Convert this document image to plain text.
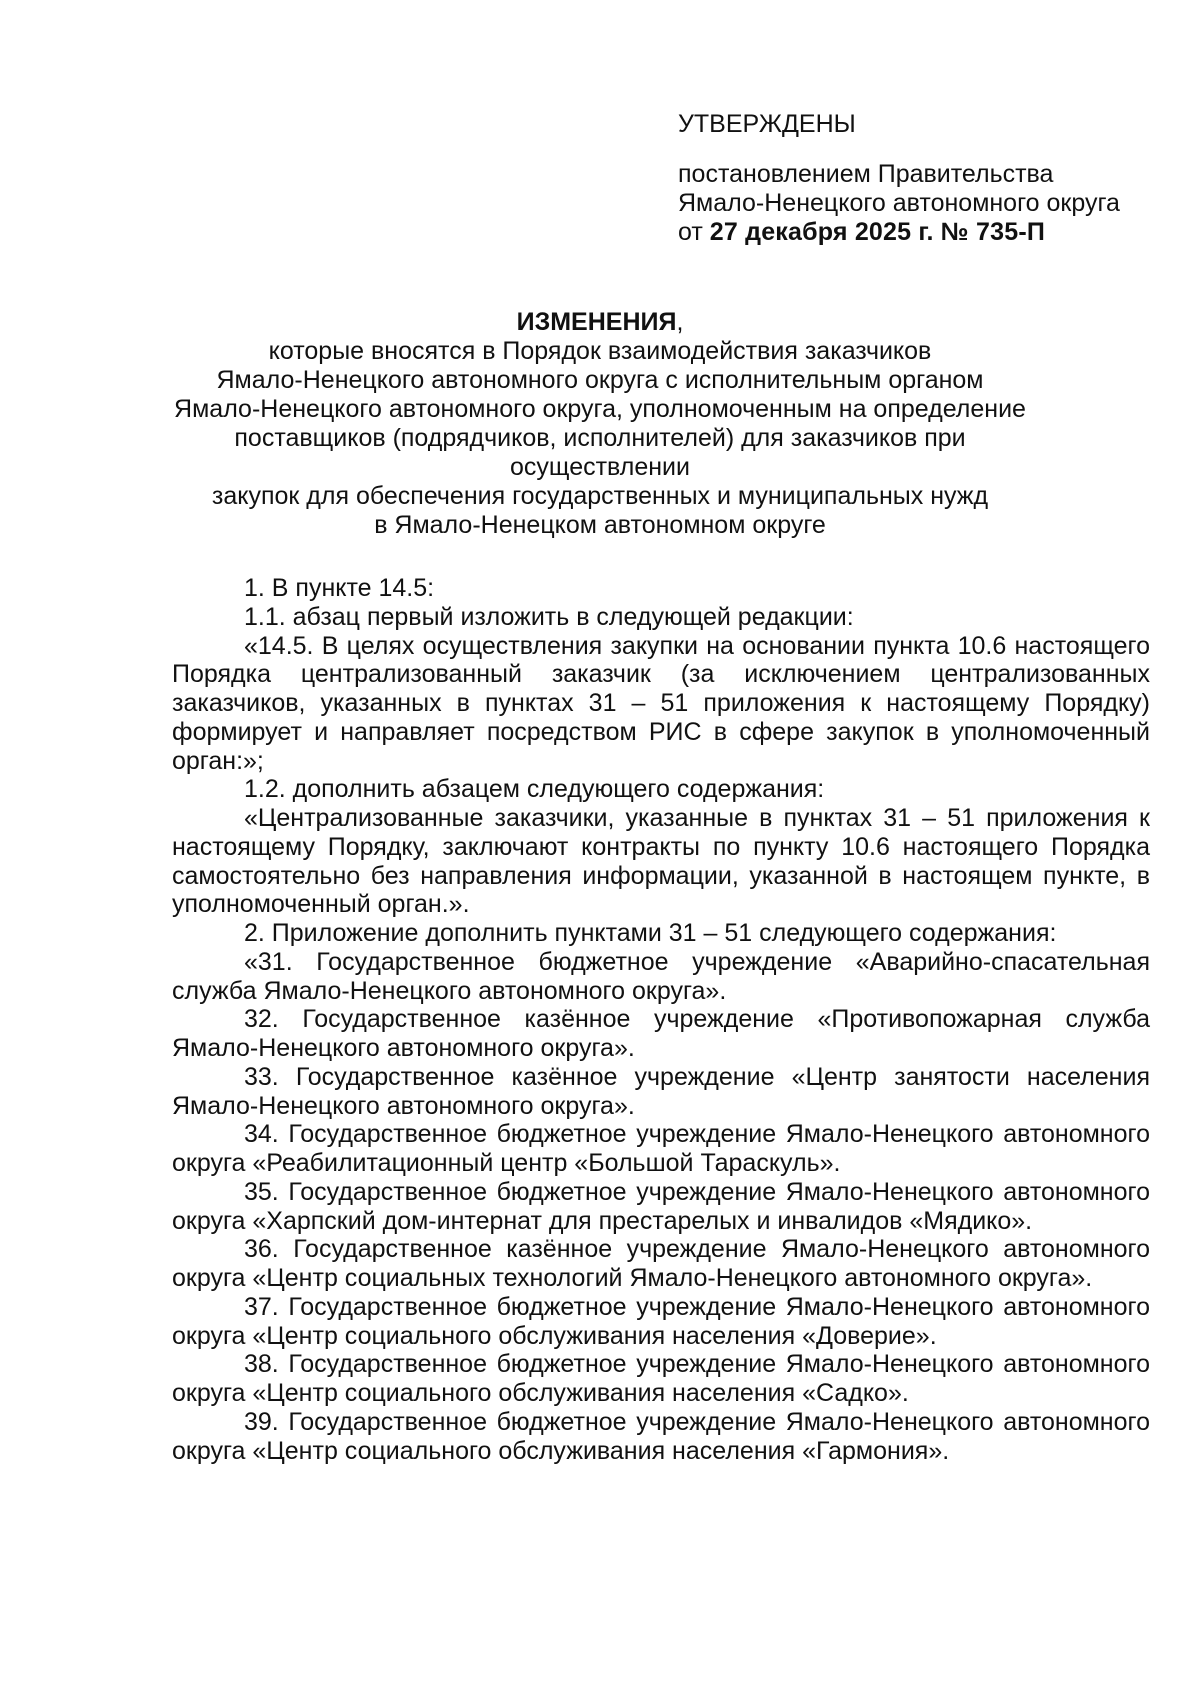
УТВЕРЖДЕНЫ
постановлением Правительства
Ямало-Ненецкого автономного округа
от 27 декабря 2025 г. № 735-П
ИЗМЕНЕНИЯ,
которые вносятся в Порядок взаимодействия заказчиков
Ямало-Ненецкого автономного округа с исполнительным органом
Ямало-Ненецкого автономного округа, уполномоченным на определение
поставщиков (подрядчиков, исполнителей) для заказчиков при осуществлении
закупок для обеспечения государственных и муниципальных нужд
в Ямало-Ненецком автономном округе

1. В пункте 14.5:

1.1. абзац первый изложить в следующей редакции:

«14.5. В целях осуществления закупки на основании пункта 10.6 настоящего Порядка централизованный заказчик (за исключением централизованных заказчиков, указанных в пунктах 31 – 51 приложения к настоящему Порядку) формирует и направляет посредством РИС в сфере закупок в уполномоченный орган:»;

1.2. дополнить абзацем следующего содержания:

«Централизованные заказчики, указанные в пунктах 31 – 51 приложения к настоящему Порядку, заключают контракты по пункту 10.6 настоящего Порядка самостоятельно без направления информации, указанной в настоящем пункте, в уполномоченный орган.».

2. Приложение дополнить пунктами 31 – 51 следующего содержания:

«31. Государственное бюджетное учреждение «Аварийно-спасательная служба Ямало-Ненецкого автономного округа».

32. Государственное казённое учреждение «Противопожарная служба Ямало-Ненецкого автономного округа».

33. Государственное казённое учреждение «Центр занятости населения Ямало-Ненецкого автономного округа».

34. Государственное бюджетное учреждение Ямало-Ненецкого автономного округа «Реабилитационный центр «Большой Тараскуль».

35. Государственное бюджетное учреждение Ямало-Ненецкого автономного округа «Харпский дом-интернат для престарелых и инвалидов «Мядико».

36. Государственное казённое учреждение Ямало-Ненецкого автономного округа «Центр социальных технологий Ямало-Ненецкого автономного округа».

37. Государственное бюджетное учреждение Ямало-Ненецкого автономного округа «Центр социального обслуживания населения «Доверие».

38. Государственное бюджетное учреждение Ямало-Ненецкого автономного округа «Центр социального обслуживания населения «Садко».

39. Государственное бюджетное учреждение Ямало-Ненецкого автономного округа «Центр социального обслуживания населения «Гармония».
